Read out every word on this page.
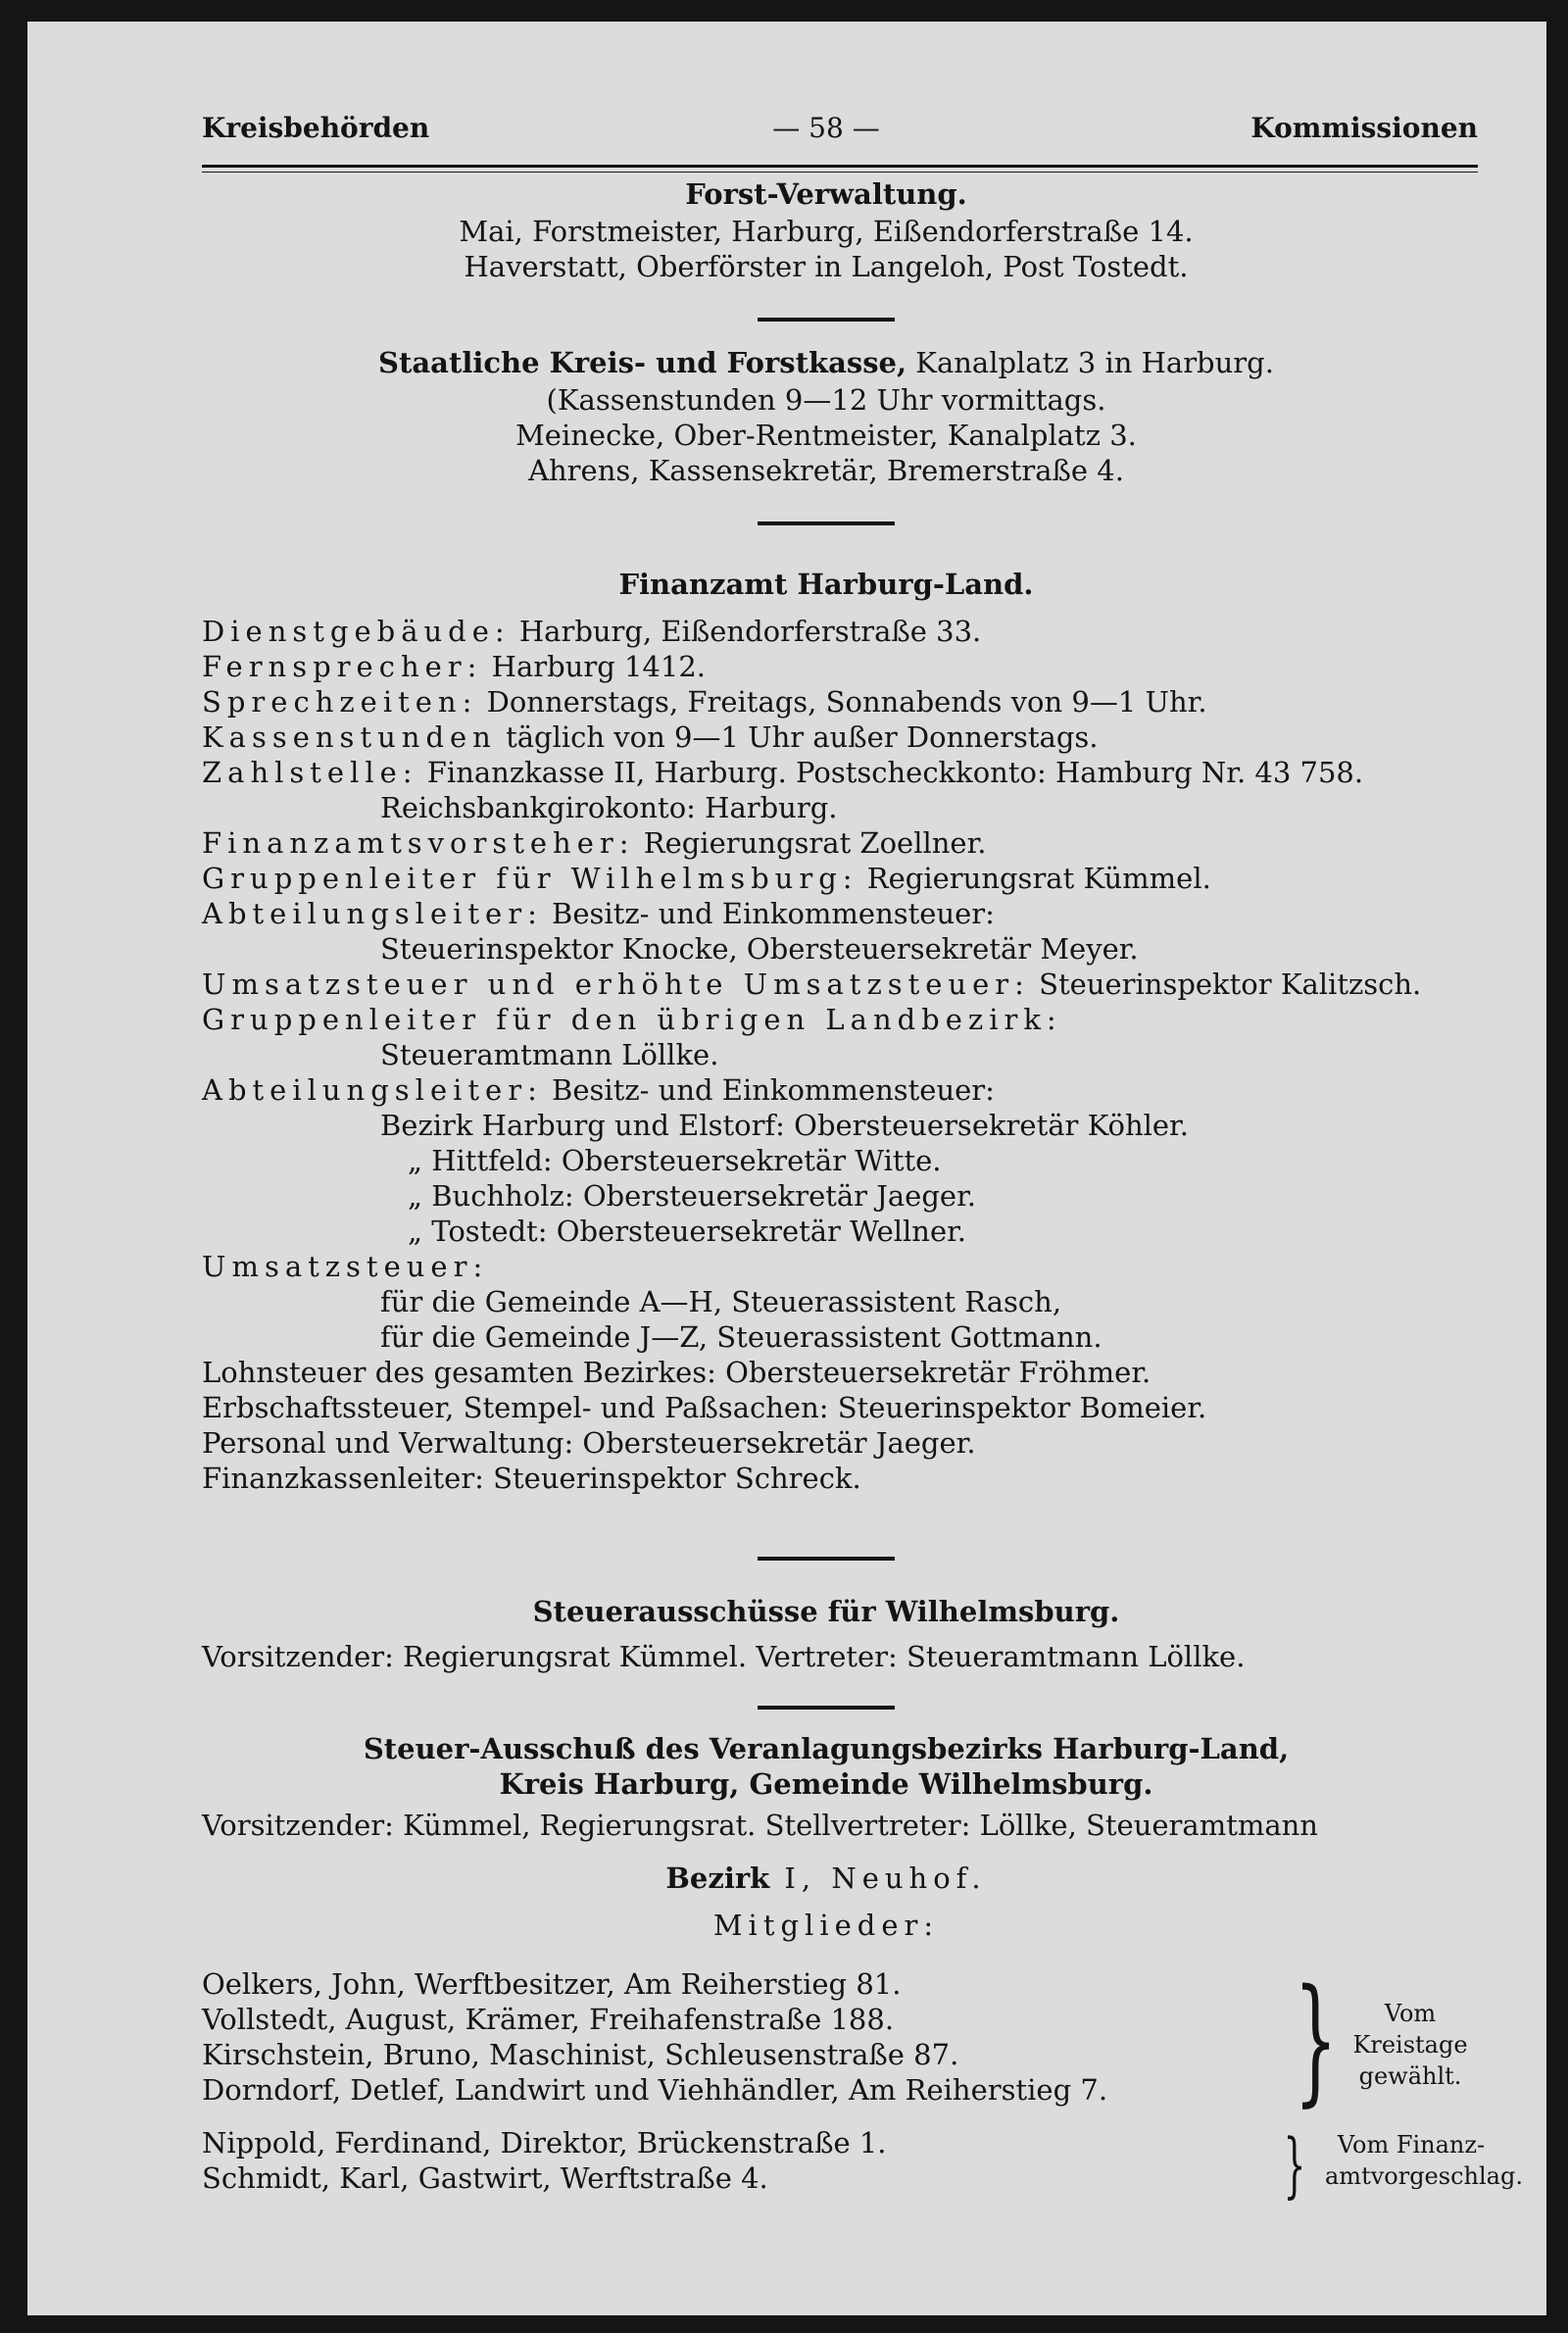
Kreisbehörden	— 58 —	Kommissionen
Forst-Verwaltung.
Mai, Forstmeister, Harburg, Eißendorferstraße 14.
Haverstatt, Oberförster in Langeloh, Post Tostedt.
Staatliche Kreis- und Forstkasse, Kanalplatz 3 in Harburg.
(Kassenstunden 9—12 Uhr vormittags.
Meinecke, Ober-Rentmeister, Kanalplatz 3.
Ahrens, Kassensekretär, Bremerstraße 4.
Finanzamt Harburg-Land.
Dienstgebäude: Harburg, Eißendorferstraße 33.
Fernsprecher: Harburg 1412.
Sprechzeiten: Donnerstags, Freitags, Sonnabends von 9—1 Uhr.
Kassenstunden täglich von 9—1 Uhr außer Donnerstags.
Zahlstelle: Finanzkasse II, Harburg. Postscheckkonto: Hamburg Nr. 43 758.
Reichsbankgirokonto: Harburg.
Finanzamtsvorsteher: Regierungsrat Zoellner.
Gruppenleiter für Wilhelmsburg: Regierungsrat Kümmel.
Abteilungsleiter: Besitz- und Einkommensteuer:
Steuerinspektor Knocke, Obersteuersekretär Meyer.
Umsatzsteuer und erhöhte Umsatzsteuer: Steuerinspektor Kalitzsch.
Gruppenleiter für den übrigen Landbezirk:
Steueramtmann Löllke.
Abteilungsleiter: Besitz- und Einkommensteuer:
Bezirk Harburg und Elstorf: Obersteuersekretär Köhler.
„ Hittfeld: Obersteuersekretär Witte.
„ Buchholz: Obersteuersekretär Jaeger.
„ Tostedt: Obersteuersekretär Wellner.
Umsatzsteuer:
für die Gemeinde A—H, Steuerassistent Rasch,
für die Gemeinde J—Z, Steuerassistent Gottmann.
Lohnsteuer des gesamten Bezirkes: Obersteuersekretär Fröhmer.
Erbschaftssteuer, Stempel- und Paßsachen: Steuerinspektor Bomeier.
Personal und Verwaltung: Obersteuersekretär Jaeger.
Finanzkassenleiter: Steuerinspektor Schreck.
Steuerausschüsse für Wilhelmsburg.
Vorsitzender: Regierungsrat Kümmel. Vertreter: Steueramtmann Löllke.
Steuer-Ausschuß des Veranlagungsbezirks Harburg-Land,
Kreis Harburg, Gemeinde Wilhelmsburg.
Vorsitzender: Kümmel, Regierungsrat. Stellvertreter: Löllke, Steueramtmann
Bezirk I, Neuhof.
Mitglieder:
Oelkers, John, Werftbesitzer, Am Reiherstieg 81.
Vollstedt, August, Krämer, Freihafenstraße 188.
Kirschstein, Bruno, Maschinist, Schleusenstraße 87.
Dorndorf, Detlef, Landwirt und Viehhändler, Am Reiherstieg 7. }	Vom
Kreistage
gewählt.
Nippold, Ferdinand, Direktor, Brückenstraße 1.
Schmidt, Karl, Gastwirt, Werftstraße 4.	}	Vom Finanz-
amtvorgeschlag.
